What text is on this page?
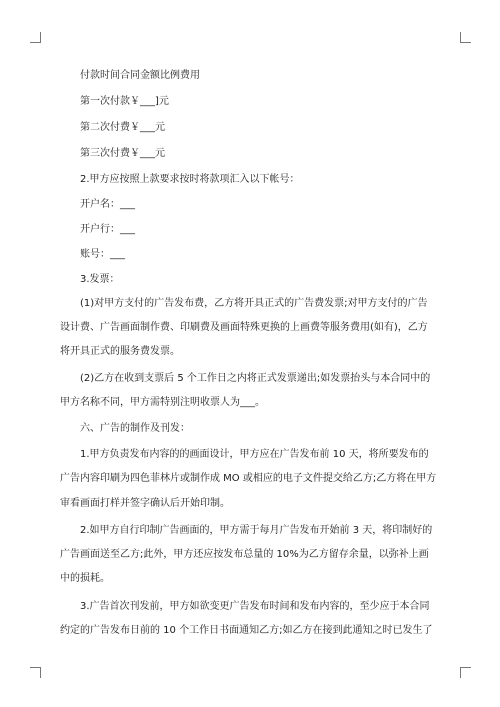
付款时间合同金额比例费用
第一次付款￥___]元
第二次付费￥___元
第三次付费￥___元
2.甲方应按照上款要求按时将款项汇入以下帐号：
开户名：___
开户行：___
账号：___
3.发票：
(1)对甲方支付的广告发布费，乙方将开具正式的广告费发票;对甲方支付的广告
设计费、广告画面制作费、印刷费及画面特殊更换的上画费等服务费用(如有)，乙方
将开具正式的服务费发票。
(2)乙方在收到支票后 5 个工作日之内将正式发票递出;如发票抬头与本合同中的
甲方名称不同，甲方需特别注明收票人为___。
六、广告的制作及刊发：
1.甲方负责发布内容的的画面设计，甲方应在广告发布前 10 天，将所要发布的
广告内容印刷为四色菲林片或制作成 MO 或相应的电子文件提交给乙方;乙方将在甲方
审看画面打样并签字确认后开始印制。
2.如甲方自行印制广告画面的，甲方需于每月广告发布开始前 3 天，将印制好的
广告画面送至乙方;此外，甲方还应按发布总量的 10%为乙方留存余量，以弥补上画
中的损耗。
3.广告首次刊发前，甲方如欲变更广告发布时间和发布内容的，至少应于本合同
约定的广告发布日前的 10 个工作日书面通知乙方;如乙方在接到此通知之时已发生了
